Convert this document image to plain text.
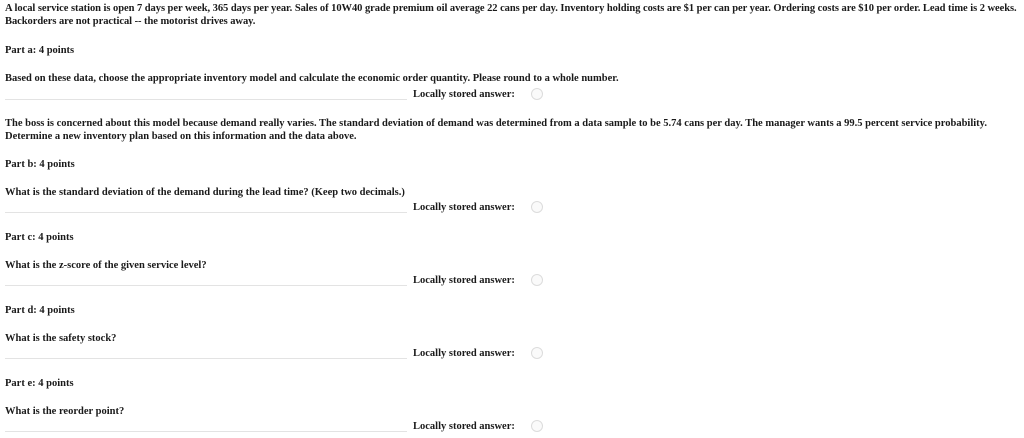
A local service station is open 7 days per week, 365 days per year. Sales of 10W40 grade premium oil average 22 cans per day. Inventory holding costs are $1 per can per year. Ordering costs are $10 per order. Lead time is 2 weeks. Backorders are not practical -- the motorist drives away.
Part a: 4 points
Based on these data, choose the appropriate inventory model and calculate the economic order quantity. Please round to a whole number.
Locally stored answer:
The boss is concerned about this model because demand really varies. The standard deviation of demand was determined from a data sample to be 5.74 cans per day. The manager wants a 99.5 percent service probability. Determine a new inventory plan based on this information and the data above.
Part b: 4 points
What is the standard deviation of the demand during the lead time? (Keep two decimals.)
Locally stored answer:
Part c: 4 points
What is the z-score of the given service level?
Locally stored answer:
Part d: 4 points
What is the safety stock?
Locally stored answer:
Part e: 4 points
What is the reorder point?
Locally stored answer:
